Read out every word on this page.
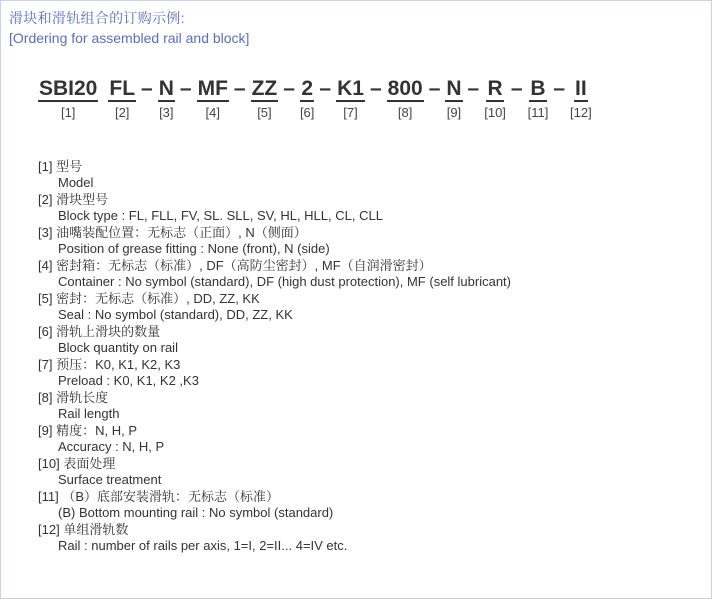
滑块和滑轨组合的订购示例:
[Ordering for assembled rail and block]
SBI20
[1]
FL
[2]
– N
[3]
– MF
[4]
– ZZ
[5]
– 2
[6]
– K1
[7]
– 800
[8]
– N
[9]
– R
[10]
– B
[11]
– II
[12]
[1] 型号
Model
[2] 滑块型号
Block type : FL, FLL, FV, SL. SLL, SV, HL, HLL, CL, CLL
[3] 油嘴装配位置：无标志（正面）, N（侧面）
Position of grease fitting : None (front), N (side)
[4] 密封箱：无标志（标准）, DF（高防尘密封）, MF（自润滑密封）
Container : No symbol (standard), DF (high dust protection), MF (self lubricant)
[5] 密封：无标志（标准）, DD, ZZ, KK
Seal : No symbol (standard), DD, ZZ, KK
[6] 滑轨上滑块的数量
Block quantity on rail
[7] 预压：K0, K1, K2, K3
Preload : K0, K1, K2 ,K3
[8] 滑轨长度
Rail length
[9] 精度：N, H, P
Accuracy : N, H, P
[10] 表面处理
Surface treatment
[11] （B）底部安装滑轨：无标志（标准）
(B) Bottom mounting rail : No symbol (standard)
[12] 单组滑轨数
Rail : number of rails per axis, 1=I, 2=II... 4=IV etc.
